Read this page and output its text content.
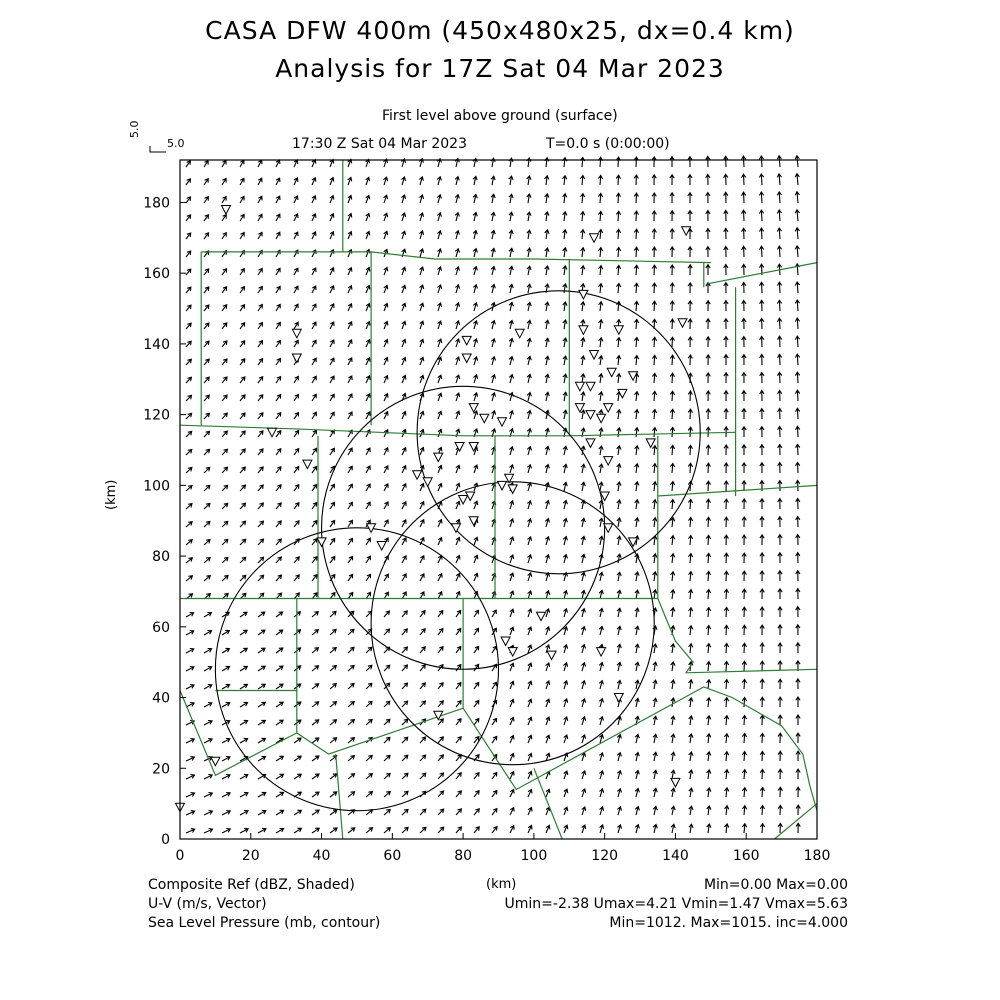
CASA DFW 400m (450x480x25, dx=0.4 km)
Analysis for 17Z Sat 04 Mar 2023
First level above ground (surface)
17:30 Z Sat 04 Mar 2023	T=0.0 s (0:00:00)
5.0
5.0
0	20	40	60	80	100	120	140	160	180
0
20
40
60
80
100
120
140
160
180
(km)
(km)
Composite Ref (dBZ, Shaded)	Min=0.00 Max=0.00
U-V (m/s, Vector)	Umin=-2.38 Umax=4.21 Vmin=1.47 Vmax=5.63
Sea Level Pressure (mb, contour)	Min=1012. Max=1015. inc=4.000
